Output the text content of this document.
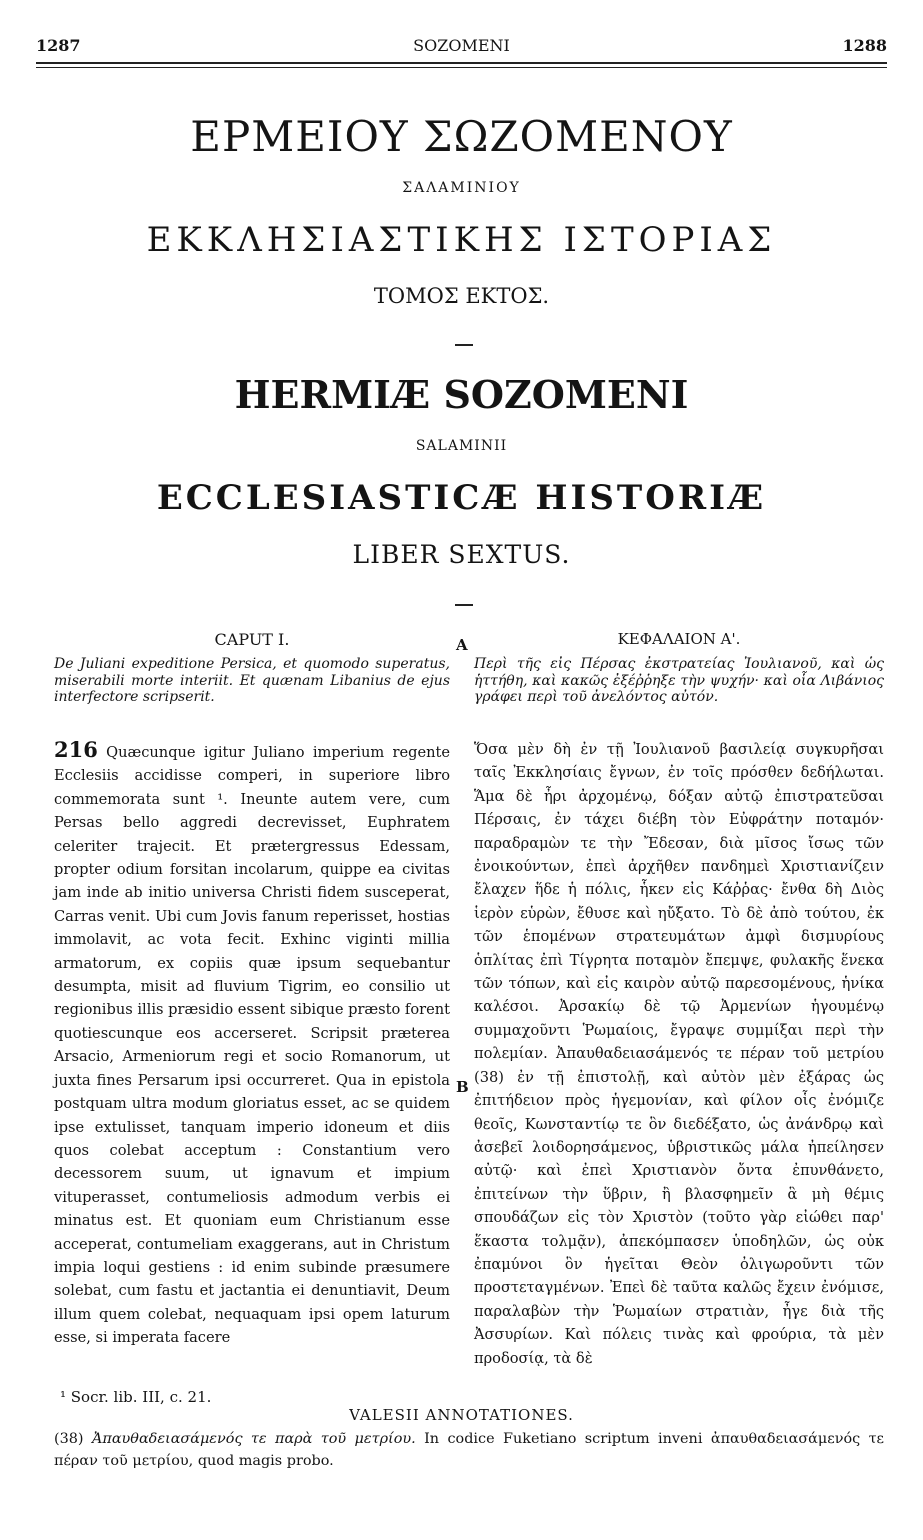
1287	SOZOMENI	1288
ΕΡΜΕΙΟΥ ΣΩΖΟΜΕΝΟΥ
ΣΑΛΑΜΙΝΙΟΥ
ΕΚΚΛΗΣΙΑΣΤΙΚΗΣ ΙΣΤΟΡΙΑΣ
ΤΟΜΟΣ ΕΚΤΟΣ.
HERMIÆ SOZOMENI
SALAMINII
ECCLESIASTICÆ HISTORIÆ
LIBER SEXTUS.
CAPUT I.
De Juliani expeditione Persica, et quomodo superatus, miserabili morte interiit. Et quænam Libanius de ejus interfectore scripserit.
216 Quæcunque igitur Juliano imperium regente Ecclesiis accidisse comperi, in superiore libro commemorata sunt ¹. Ineunte autem vere, cum Persas bello aggredi decrevisset, Euphratem celeriter trajecit. Et prætergressus Edessam, propter odium forsitan incolarum, quippe ea civitas jam inde ab initio universa Christi fidem susceperat, Carras venit. Ubi cum Jovis fanum reperisset, hostias immolavit, ac vota fecit. Exhinc viginti millia armatorum, ex copiis quæ ipsum sequebantur desumpta, misit ad fluvium Tigrim, eo consilio ut regionibus illis præsidio essent sibique præsto forent quotiescunque eos accerseret. Scripsit præterea Arsacio, Armeniorum regi et socio Romanorum, ut juxta fines Persarum ipsi occurreret. Qua in epistola postquam ultra modum gloriatus esset, ac se quidem ipse extulisset, tanquam imperio idoneum et diis quos colebat acceptum : Constantium vero decessorem suum, ut ignavum et impium vituperasset, contumeliosis admodum verbis ei minatus est. Et quoniam eum Christianum esse acceperat, contumeliam exaggerans, aut in Christum impia loqui gestiens : id enim subinde præsumere solebat, cum fastu et jactantia ei denuntiavit, Deum illum quem colebat, nequaquam ipsi opem laturum esse, si imperata facere
¹ Socr. lib. III, c. 21.
A
B
ΚΕΦΑΛΑΙΟΝ Α'.
Περὶ τῆς εἰς Πέρσας ἐκστρατείας Ἰουλιανοῦ, καὶ ὡς ἡττήθη, καὶ κακῶς ἐξέῤῥηξε τὴν ψυχήν· καὶ οἷα Λιβάνιος γράφει περὶ τοῦ ἀνελόντος αὐτόν.
Ὅσα μὲν δὴ ἐν τῇ Ἰουλιανοῦ βασιλείᾳ συγκυρῆσαι ταῖς Ἐκκλησίαις ἔγνων, ἐν τοῖς πρόσθεν δεδήλωται. Ἅμα δὲ ἦρι ἀρχομένῳ, δόξαν αὐτῷ ἐπιστρατεῦσαι Πέρσαις, ἐν τάχει διέβη τὸν Εὐφράτην ποταμόν· παραδραμὼν τε τὴν Ἔδεσαν, διὰ μῖσος ἴσως τῶν ἐνοικούντων, ἐπεὶ ἀρχῆθεν πανδημεὶ Χριστιανίζειν ἔλαχεν ἥδε ἡ πόλις, ἧκεν εἰς Κάῤῥας· ἔνθα δὴ Διὸς ἱερὸν εὑρὼν, ἔθυσε καὶ ηὔξατο. Τὸ δὲ ἀπὸ τούτου, ἐκ τῶν ἑπομένων στρατευμάτων ἀμφὶ δισμυρίους ὁπλίτας ἐπὶ Τίγρητα ποταμὸν ἔπεμψε, φυλακῆς ἕνεκα τῶν τόπων, καὶ εἰς καιρὸν αὐτῷ παρεσομένους, ἡνίκα καλέσοι. Ἀρσακίῳ δὲ τῷ Ἀρμενίων ἡγουμένῳ συμμαχοῦντι Ῥωμαίοις, ἔγραψε συμμίξαι περὶ τὴν πολεμίαν. Ἀπαυθαδειασάμενός τε πέραν τοῦ μετρίου (38) ἐν τῇ ἐπιστολῇ, καὶ αὐτὸν μὲν ἐξάρας ὡς ἐπιτήδειον πρὸς ἡγεμονίαν, καὶ φίλον οἷς ἐνόμιζε θεοῖς, Κωνσταντίῳ τε ὃν διεδέξατο, ὡς ἀνάνδρῳ καὶ ἀσεβεῖ λοιδορησάμενος, ὑβριστικῶς μάλα ἠπείλησεν αὐτῷ· καὶ ἐπεὶ Χριστιανὸν ὄντα ἐπυνθάνετο, ἐπιτείνων τὴν ὕβριν, ἢ βλασφημεῖν ἃ μὴ θέμις σπουδάζων εἰς τὸν Χριστὸν (τοῦτο γὰρ εἰώθει παρ' ἕκαστα τολμᾷν), ἀπεκόμπασεν ὑποδηλῶν, ὡς οὐκ ἐπαμύνοι ὃν ἡγεῖται Θεὸν ὀλιγωροῦντι τῶν προστεταγμένων. Ἐπεὶ δὲ ταῦτα καλῶς ἔχειν ἐνόμισε, παραλαβὼν τὴν Ῥωμαίων στρατιὰν, ἦγε διὰ τῆς Ἀσσυρίων. Καὶ πόλεις τινὰς καὶ φρούρια, τὰ μὲν προδοσίᾳ, τὰ δὲ
VALESII ANNOTATIONES.
(38) Ἀπαυθαδειασάμενός τε παρὰ τοῦ μετρίου. In codice Fuketiano scriptum inveni ἀπαυθαδειασάμενός τε πέραν τοῦ μετρίου, quod magis probo.
